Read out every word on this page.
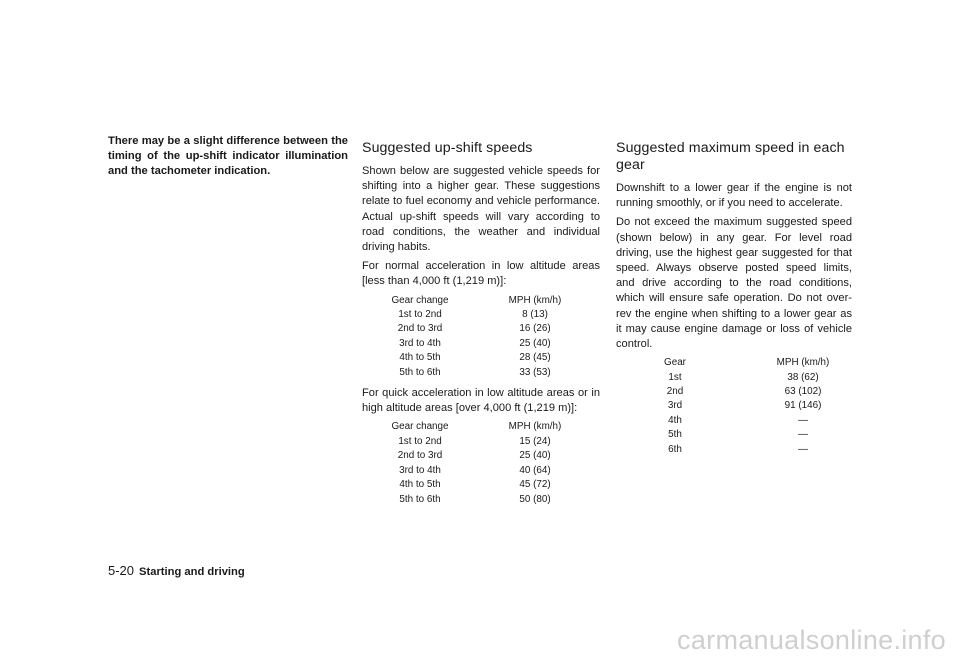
There may be a slight difference between the timing of the up-shift indicator illumination and the tachometer indication.

Suggested up-shift speeds

Shown below are suggested vehicle speeds for shifting into a higher gear. These suggestions relate to fuel economy and vehicle performance. Actual up-shift speeds will vary according to road conditions, the weather and individual driving habits.

For normal acceleration in low altitude areas [less than 4,000 ft (1,219 m)]:

Gear change		MPH (km/h)
1st to 2nd		8 (13)
2nd to 3rd		16 (26)
3rd to 4th		25 (40)
4th to 5th		28 (45)
5th to 6th		33 (53)

For quick acceleration in low altitude areas or in high altitude areas [over 4,000 ft (1,219 m)]:

Gear change		MPH (km/h)
1st to 2nd		15 (24)
2nd to 3rd		25 (40)
3rd to 4th		40 (64)
4th to 5th		45 (72)
5th to 6th		50 (80)
Suggested maximum speed in each gear

Downshift to a lower gear if the engine is not running smoothly, or if you need to accelerate.

Do not exceed the maximum suggested speed (shown below) in any gear. For level road driving, use the highest gear suggested for that speed. Always observe posted speed limits, and drive according to the road conditions, which will ensure safe operation. Do not over-rev the engine when shifting to a lower gear as it may cause engine damage or loss of vehicle control.

Gear		MPH (km/h)
1st		38 (62)
2nd		63 (102)
3rd		91 (146)
4th		—
5th		—
6th		—
5-20 Starting and driving
carmanualsonline.info
